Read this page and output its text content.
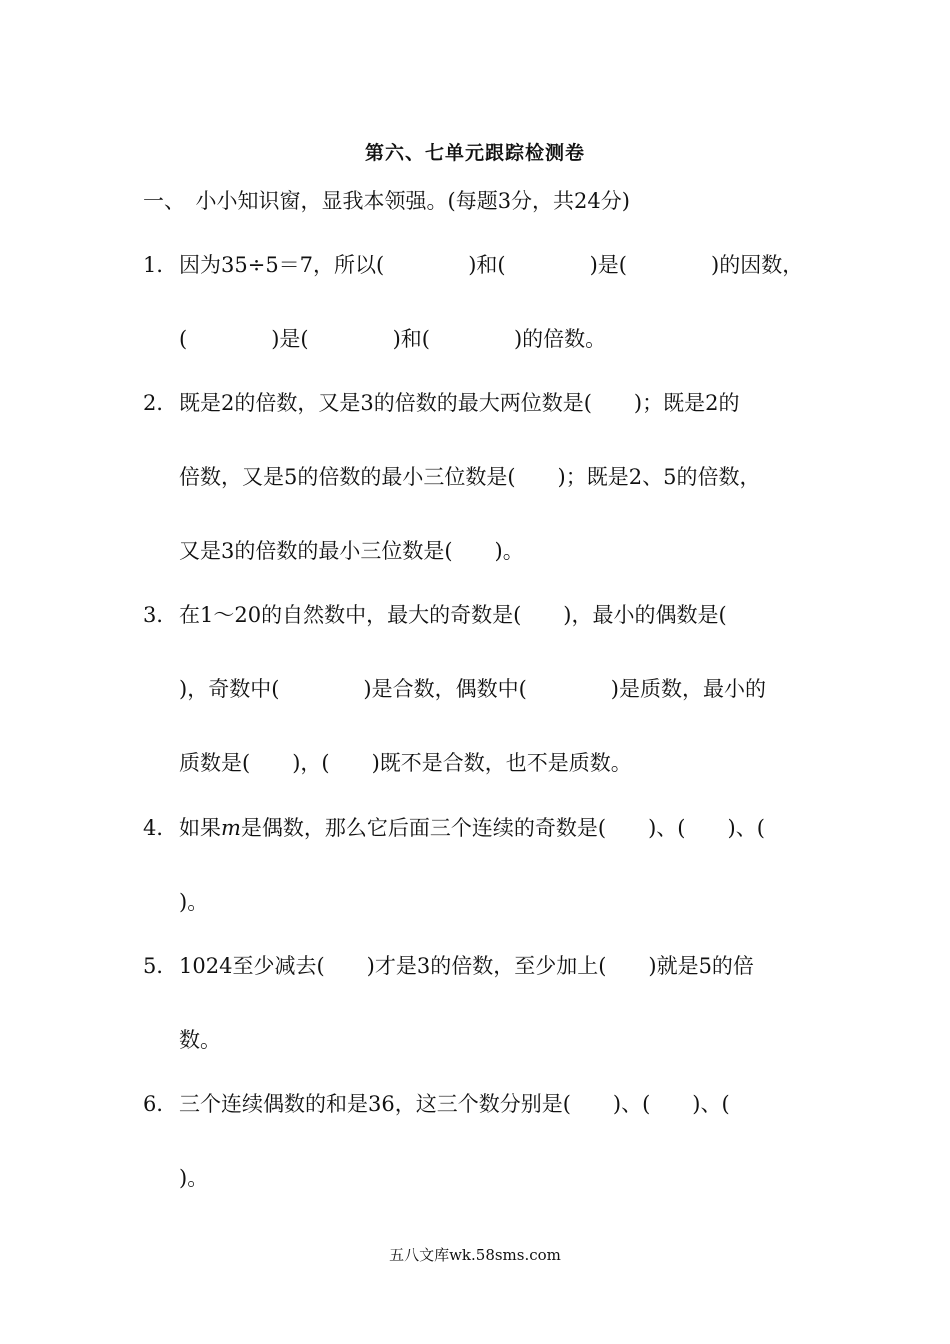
第六、七单元跟踪检测卷
一、　小小知识窗，显我本领强。(每题3分，共24分)
1． 因为35÷5＝7，所以(　　　　)和(　　　　)是(　　　　)的因数，
(　　　　)是(　　　　)和(　　　　)的倍数。
2． 既是2的倍数，又是3的倍数的最大两位数是(　　)；既是2的
倍数，又是5的倍数的最小三位数是(　　)；既是2、5的倍数，
又是3的倍数的最小三位数是(　　)。
3． 在1～20的自然数中，最大的奇数是(　　)，最小的偶数是(
)，奇数中(　　　　)是合数，偶数中(　　　　)是质数，最小的
质数是(　　)，(　　)既不是合数，也不是质数。
4． 如果m是偶数，那么它后面三个连续的奇数是(　　)、(　　)、(
)。
5． 1024至少减去(　　)才是3的倍数，至少加上(　　)就是5的倍
数。
6． 三个连续偶数的和是36，这三个数分别是(　　)、(　　)、(
)。
五八文库wk.58sms.com
